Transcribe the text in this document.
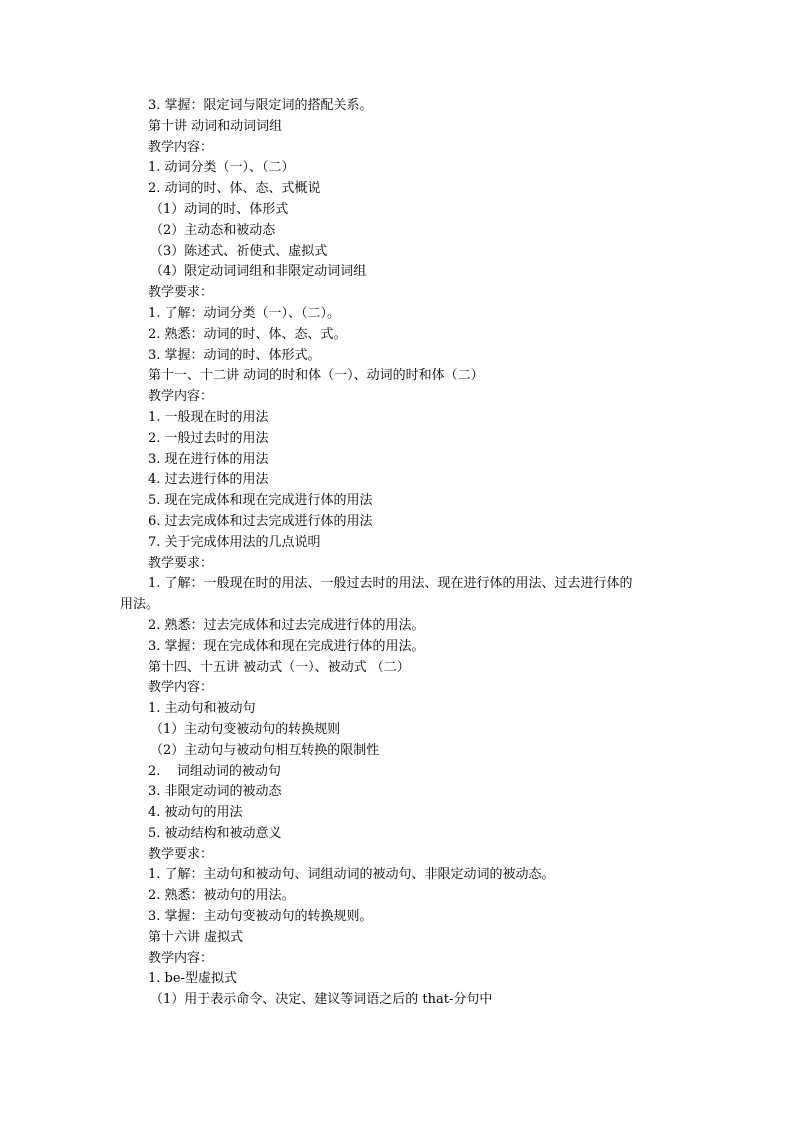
3. 掌握：限定词与限定词的搭配关系。

第十讲 动词和动词词组

教学内容：

1. 动词分类（一）、（二）

2. 动词的时、体、态、式概说

（1）动词的时、体形式

（2）主动态和被动态

（3）陈述式、祈使式、虚拟式

（4）限定动词词组和非限定动词词组

教学要求：

1. 了解：动词分类（一）、（二）。

2. 熟悉：动词的时、体、态、式。

3. 掌握：动词的时、体形式。

第十一、十二讲 动词的时和体（一）、动词的时和体（二）

教学内容：

1. 一般现在时的用法

2. 一般过去时的用法

3. 现在进行体的用法

4. 过去进行体的用法

5. 现在完成体和现在完成进行体的用法

6. 过去完成体和过去完成进行体的用法

7. 关于完成体用法的几点说明

教学要求：

1. 了解：一般现在时的用法、一般过去时的用法、现在进行体的用法、过去进行体的

用法。

2. 熟悉：过去完成体和过去完成进行体的用法。

3. 掌握：现在完成体和现在完成进行体的用法。

第十四、十五讲 被动式（一）、被动式 （二）

教学内容：

1. 主动句和被动句

（1）主动句变被动句的转换规则

（2）主动句与被动句相互转换的限制性

2.    词组动词的被动句

3. 非限定动词的被动态

4. 被动句的用法

5. 被动结构和被动意义

教学要求：

1. 了解：主动句和被动句、词组动词的被动句、非限定动词的被动态。

2. 熟悉：被动句的用法。

3. 掌握：主动句变被动句的转换规则。

第十六讲 虚拟式

教学内容：

1. be-型虚拟式

（1）用于表示命令、决定、建议等词语之后的 that-分句中
